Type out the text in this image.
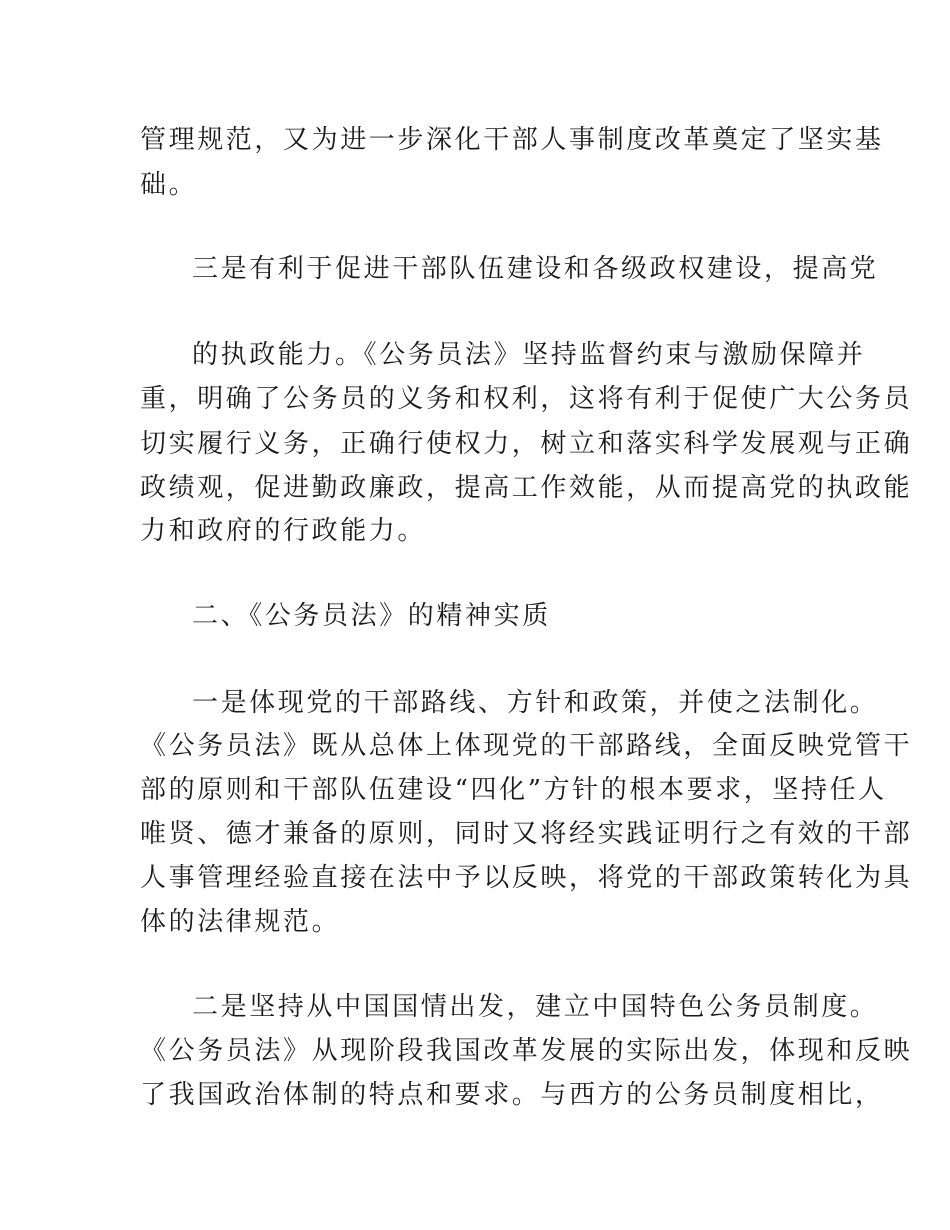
管理规范，又为进一步深化干部人事制度改革奠定了坚实基
础。
三是有利于促进干部队伍建设和各级政权建设，提高党
的执政能力。《公务员法》坚持监督约束与激励保障并
重，明确了公务员的义务和权利，这将有利于促使广大公务员
切实履行义务，正确行使权力，树立和落实科学发展观与正确
政绩观，促进勤政廉政，提高工作效能，从而提高党的执政能
力和政府的行政能力。
二、《公务员法》的精神实质
一是体现党的干部路线、方针和政策，并使之法制化。
《公务员法》既从总体上体现党的干部路线，全面反映党管干
部的原则和干部队伍建设“四化”方针的根本要求，坚持任人
唯贤、德才兼备的原则，同时又将经实践证明行之有效的干部
人事管理经验直接在法中予以反映，将党的干部政策转化为具
体的法律规范。
二是坚持从中国国情出发，建立中国特色公务员制度。
《公务员法》从现阶段我国改革发展的实际出发，体现和反映
了我国政治体制的特点和要求。与西方的公务员制度相比，
